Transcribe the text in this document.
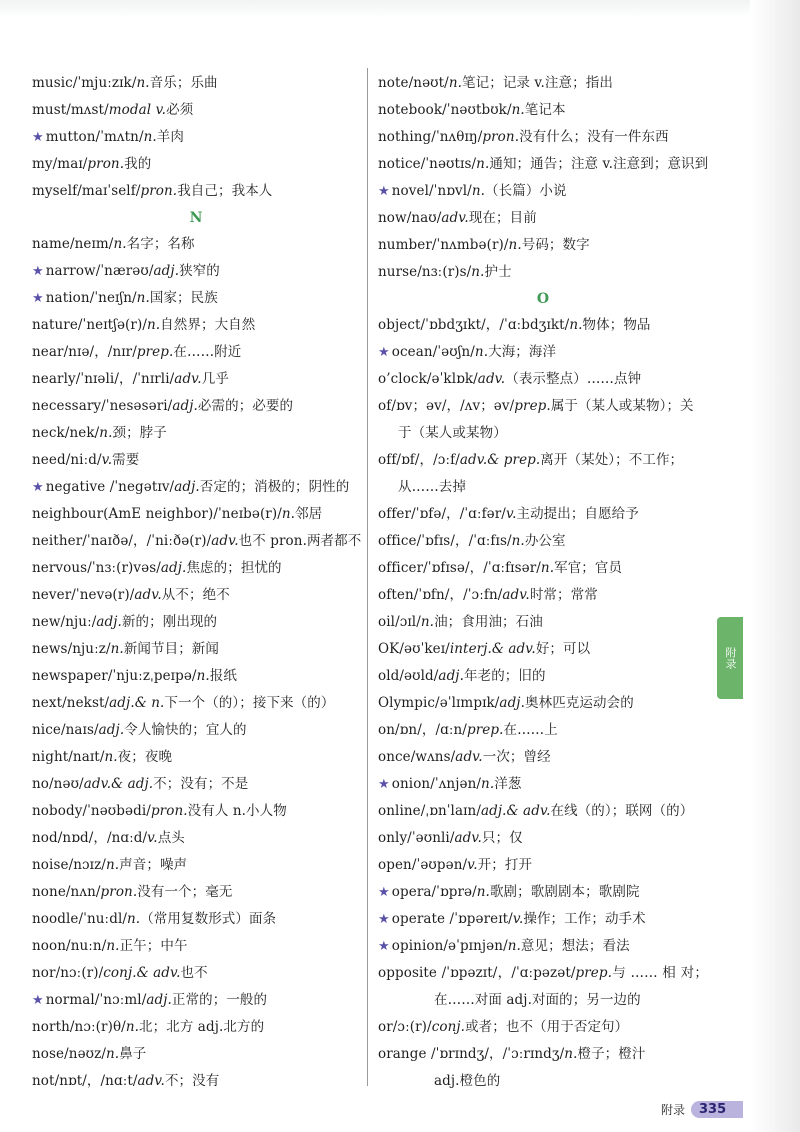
music/ˈmjuːzɪk/n.音乐；乐曲
must/mʌst/modal v.必须
★ mutton/ˈmʌtn/n.羊肉
my/maɪ/pron.我的
myself/maɪˈself/pron.我自己；我本人
N
name/neɪm/n.名字；名称
★ narrow/ˈnærəʊ/adj.狭窄的
★ nation/ˈneɪʃn/n.国家；民族
nature/ˈneɪtʃə(r)/n.自然界；大自然
near/nɪə/，/nɪr/prep.在……附近
nearly/ˈnɪəli/，/ˈnɪrli/adv.几乎
necessary/ˈnesəsəri/adj.必需的；必要的
neck/nek/n.颈；脖子
need/niːd/v.需要
★ negative /ˈnegətɪv/adj.否定的；消极的；阴性的
neighbour(AmE neighbor)/ˈneɪbə(r)/n.邻居
neither/ˈnaɪðə/，/ˈniːðə(r)/adv.也不 pron.两者都不
nervous/ˈnɜː(r)vəs/adj.焦虑的；担忧的
never/ˈnevə(r)/adv.从不；绝不
new/njuː/adj.新的；刚出现的
news/njuːz/n.新闻节目；新闻
newspaper/ˈnjuːzˌpeɪpə/n.报纸
next/nekst/adj.& n.下一个（的）；接下来（的）
nice/naɪs/adj.令人愉快的；宜人的
night/naɪt/n.夜；夜晚
no/nəʊ/adv.& adj.不；没有；不是
nobody/ˈnəʊbədi/pron.没有人 n.小人物
nod/nɒd/，/nɑːd/v.点头
noise/nɔɪz/n.声音；噪声
none/nʌn/pron.没有一个；毫无
noodle/ˈnuːdl/n.（常用复数形式）面条
noon/nuːn/n.正午；中午
nor/nɔː(r)/conj.& adv.也不
★ normal/ˈnɔːml/adj.正常的；一般的
north/nɔː(r)θ/n.北；北方 adj.北方的
nose/nəʊz/n.鼻子
not/nɒt/，/nɑːt/adv.不；没有
note/nəʊt/n.笔记；记录 v.注意；指出
notebook/ˈnəʊtbʊk/n.笔记本
nothing/ˈnʌθɪŋ/pron.没有什么；没有一件东西
notice/ˈnəʊtɪs/n.通知；通告；注意 v.注意到；意识到
★ novel/ˈnɒvl/n.（长篇）小说
now/naʊ/adv.现在；目前
number/ˈnʌmbə(r)/n.号码；数字
nurse/nɜː(r)s/n.护士
O
object/ˈɒbdʒɪkt/，/ˈɑːbdʒɪkt/n.物体；物品
★ ocean/ˈəʊʃn/n.大海；海洋
o’clock/əˈklɒk/adv.（表示整点）……点钟
of/ɒv；əv/，/ʌv；əv/prep.属于（某人或某物）；关
于（某人或某物）
off/ɒf/，/ɔːf/adv.& prep.离开（某处）；不工作；
从……去掉
offer/ˈɒfə/，/ˈɑːfər/v.主动提出；自愿给予
office/ˈɒfɪs/，/ˈɑːfɪs/n.办公室
officer/ˈɒfɪsə/，/ˈɑːfɪsər/n.军官；官员
often/ˈɒfn/，/ˈɔːfn/adv.时常；常常
oil/ɔɪl/n.油；食用油；石油
OK/əʊˈkeɪ/interj.& adv.好；可以
old/əʊld/adj.年老的；旧的
Olympic/əˈlɪmpɪk/adj.奥林匹克运动会的
on/ɒn/，/ɑːn/prep.在……上
once/wʌns/adv.一次；曾经
★ onion/ˈʌnjən/n.洋葱
online/ˌɒnˈlaɪn/adj.& adv.在线（的）；联网（的）
only/ˈəʊnli/adv.只；仅
open/ˈəʊpən/v.开；打开
★ opera/ˈɒprə/n.歌剧；歌剧剧本；歌剧院
★ operate /ˈɒpəreɪt/v.操作；工作；动手术
★ opinion/əˈpɪnjən/n.意见；想法；看法
opposite /ˈɒpəzɪt/，/ˈɑːpəzət/prep.与 …… 相 对；
在……对面 adj.对面的；另一边的
or/ɔː(r)/conj.或者；也不（用于否定句）
orange /ˈɒrɪndʒ/，/ˈɔːrɪndʒ/n.橙子；橙汁
adj.橙色的
附录
附录	335
